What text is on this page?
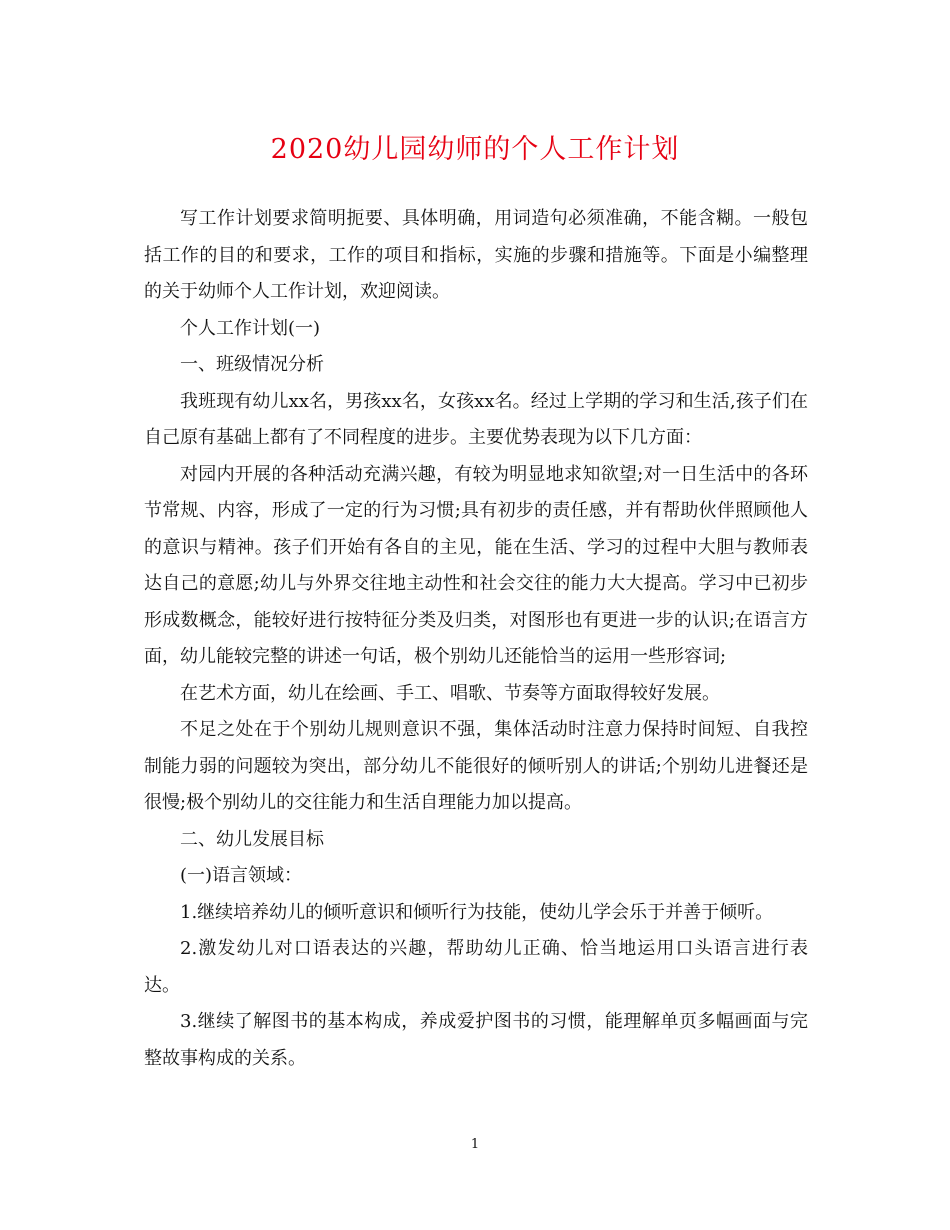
2020幼儿园幼师的个人工作计划

写工作计划要求简明扼要、具体明确，用词造句必须准确，不能含糊。一般包括工作的目的和要求，工作的项目和指标，实施的步骤和措施等。下面是小编整理的关于幼师个人工作计划，欢迎阅读。

个人工作计划(一)

一、班级情况分析

我班现有幼儿xx名，男孩xx名，女孩xx名。经过上学期的学习和生活,孩子们在自己原有基础上都有了不同程度的进步。主要优势表现为以下几方面：

对园内开展的各种活动充满兴趣，有较为明显地求知欲望;对一日生活中的各环节常规、内容，形成了一定的行为习惯;具有初步的责任感，并有帮助伙伴照顾他人的意识与精神。孩子们开始有各自的主见，能在生活、学习的过程中大胆与教师表达自己的意愿;幼儿与外界交往地主动性和社会交往的能力大大提高。学习中已初步形成数概念，能较好进行按特征分类及归类，对图形也有更进一步的认识;在语言方面，幼儿能较完整的讲述一句话，极个别幼儿还能恰当的运用一些形容词;

在艺术方面，幼儿在绘画、手工、唱歌、节奏等方面取得较好发展。

不足之处在于个别幼儿规则意识不强，集体活动时注意力保持时间短、自我控制能力弱的问题较为突出，部分幼儿不能很好的倾听别人的讲话;个别幼儿进餐还是很慢;极个别幼儿的交往能力和生活自理能力加以提高。

二、幼儿发展目标

(一)语言领域：

1.继续培养幼儿的倾听意识和倾听行为技能，使幼儿学会乐于并善于倾听。

2.激发幼儿对口语表达的兴趣，帮助幼儿正确、恰当地运用口头语言进行表达。

3.继续了解图书的基本构成，养成爱护图书的习惯，能理解单页多幅画面与完整故事构成的关系。

1
